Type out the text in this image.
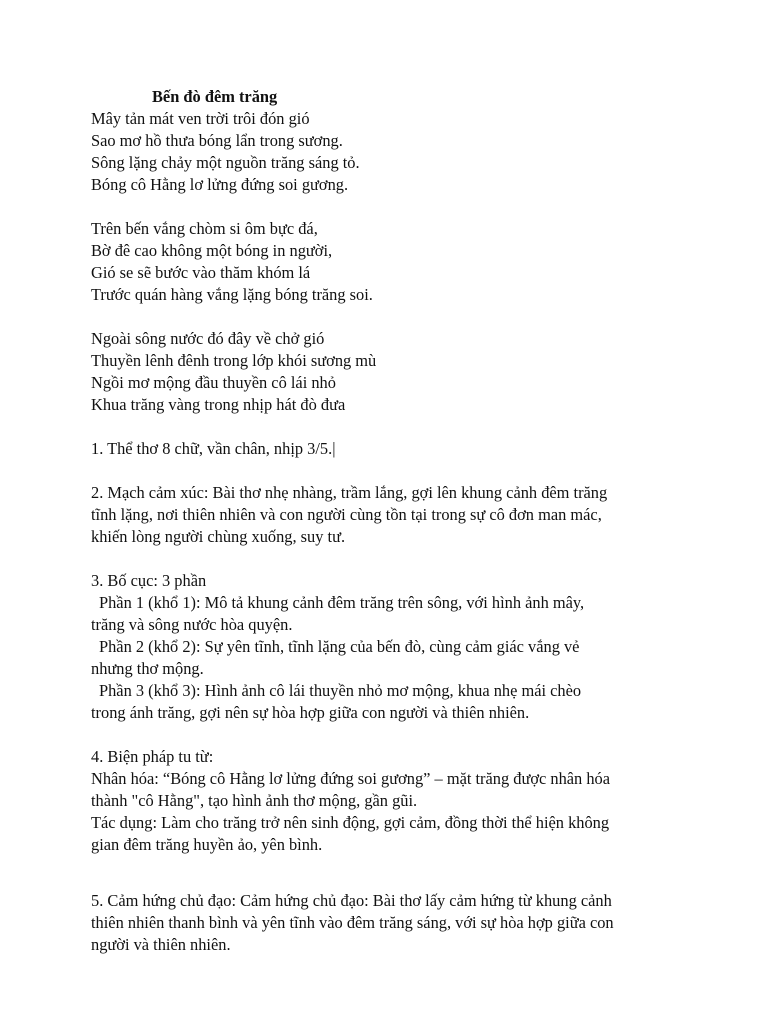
Bến đò đêm trăng
Mây tản mát ven trời trôi đón gió
Sao mơ hồ thưa bóng lẩn trong sương.
Sông lặng chảy một nguồn trăng sáng tỏ.
Bóng cô Hằng lơ lửng đứng soi gương.
Trên bến vắng chòm si ôm bực đá,
Bờ đê cao không một bóng in người,
Gió se sẽ bước vào thăm khóm lá
Trước quán hàng vắng lặng bóng trăng soi.
Ngoài sông nước đó đây về chở gió
Thuyền lênh đênh trong lớp khói sương mù
Ngồi mơ mộng đầu thuyền cô lái nhỏ
Khua trăng vàng trong nhịp hát đò đưa
1. Thể thơ 8 chữ, vần chân, nhịp 3/5.|
2. Mạch cảm xúc: Bài thơ nhẹ nhàng, trầm lắng, gợi lên khung cảnh đêm trăng
tĩnh lặng, nơi thiên nhiên và con người cùng tồn tại trong sự cô đơn man mác,
khiến lòng người chùng xuống, suy tư.
3. Bố cục: 3 phần
Phần 1 (khổ 1): Mô tả khung cảnh đêm trăng trên sông, với hình ảnh mây,
trăng và sông nước hòa quyện.
Phần 2 (khổ 2): Sự yên tĩnh, tĩnh lặng của bến đò, cùng cảm giác vắng vẻ
nhưng thơ mộng.
Phần 3 (khổ 3): Hình ảnh cô lái thuyền nhỏ mơ mộng, khua nhẹ mái chèo
trong ánh trăng, gợi nên sự hòa hợp giữa con người và thiên nhiên.
4. Biện pháp tu từ:
Nhân hóa: “Bóng cô Hằng lơ lửng đứng soi gương” – mặt trăng được nhân hóa
thành "cô Hằng", tạo hình ảnh thơ mộng, gần gũi.
Tác dụng: Làm cho trăng trở nên sinh động, gợi cảm, đồng thời thể hiện không
gian đêm trăng huyền ảo, yên bình.
5. Cảm hứng chủ đạo: Cảm hứng chủ đạo: Bài thơ lấy cảm hứng từ khung cảnh
thiên nhiên thanh bình và yên tĩnh vào đêm trăng sáng, với sự hòa hợp giữa con
người và thiên nhiên.
